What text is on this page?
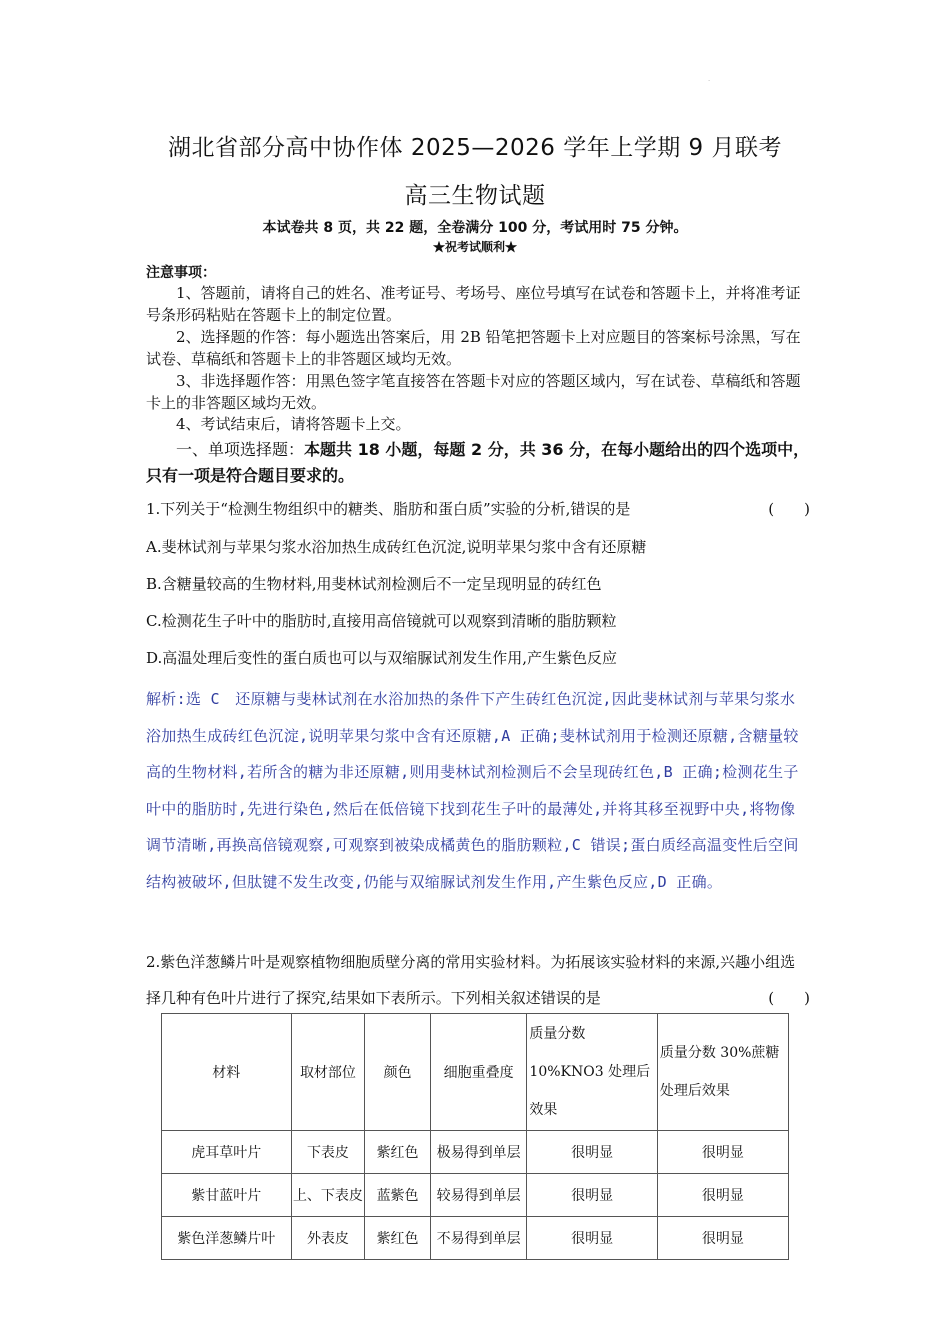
·
湖北省部分高中协作体 2025—2026 学年上学期 9 月联考
高三生物试题
本试卷共 8 页，共 22 题，全卷满分 100 分，考试用时 75 分钟。
★祝考试顺利★
注意事项：
1、答题前，请将自己的姓名、准考证号、考场号、座位号填写在试卷和答题卡上，并将准考证号条形码粘贴在答题卡上的制定位置。
2、选择题的作答：每小题选出答案后，用 2B 铅笔把答题卡上对应题目的答案标号涂黑，写在试卷、草稿纸和答题卡上的非答题区域均无效。
3、非选择题作答：用黑色签字笔直接答在答题卡对应的答题区域内，写在试卷、草稿纸和答题卡上的非答题区域均无效。
4、考试结束后，请将答题卡上交。
一、单项选择题：本题共 18 小题，每题 2 分，共 36 分，在每小题给出的四个选项中，只有一项是符合题目要求的。
1.下列关于“检测生物组织中的糖类、脂肪和蛋白质”实验的分析,错误的是	(　　)
A.斐林试剂与苹果匀浆水浴加热生成砖红色沉淀,说明苹果匀浆中含有还原糖
B.含糖量较高的生物材料,用斐林试剂检测后不一定呈现明显的砖红色
C.检测花生子叶中的脂肪时,直接用高倍镜就可以观察到清晰的脂肪颗粒
D.高温处理后变性的蛋白质也可以与双缩脲试剂发生作用,产生紫色反应
解析:选 C　还原糖与斐林试剂在水浴加热的条件下产生砖红色沉淀,因此斐林试剂与苹果匀浆水浴加热生成砖红色沉淀,说明苹果匀浆中含有还原糖,A 正确;斐林试剂用于检测还原糖,含糖量较高的生物材料,若所含的糖为非还原糖,则用斐林试剂检测后不会呈现砖红色,B 正确;检测花生子叶中的脂肪时,先进行染色,然后在低倍镜下找到花生子叶的最薄处,并将其移至视野中央,将物像调节清晰,再换高倍镜观察,可观察到被染成橘黄色的脂肪颗粒,C 错误;蛋白质经高温变性后空间结构被破坏,但肽键不发生改变,仍能与双缩脲试剂发生作用,产生紫色反应,D 正确。
2.紫色洋葱鳞片叶是观察植物细胞质壁分离的常用实验材料。为拓展该实验材料的来源,兴趣小组选择几种有色叶片进行了探究,结果如下表所示。下列相关叙述错误的是	(　　)
材料	取材部位	颜色	细胞重叠度	质量分数 10%KNO3 处理后效果	质量分数 30%蔗糖处理后效果
虎耳草叶片	下表皮	紫红色	极易得到单层	很明显	很明显
紫甘蓝叶片	上、下表皮	蓝紫色	较易得到单层	很明显	很明显
紫色洋葱鳞片叶	外表皮	紫红色	不易得到单层	很明显	很明显
